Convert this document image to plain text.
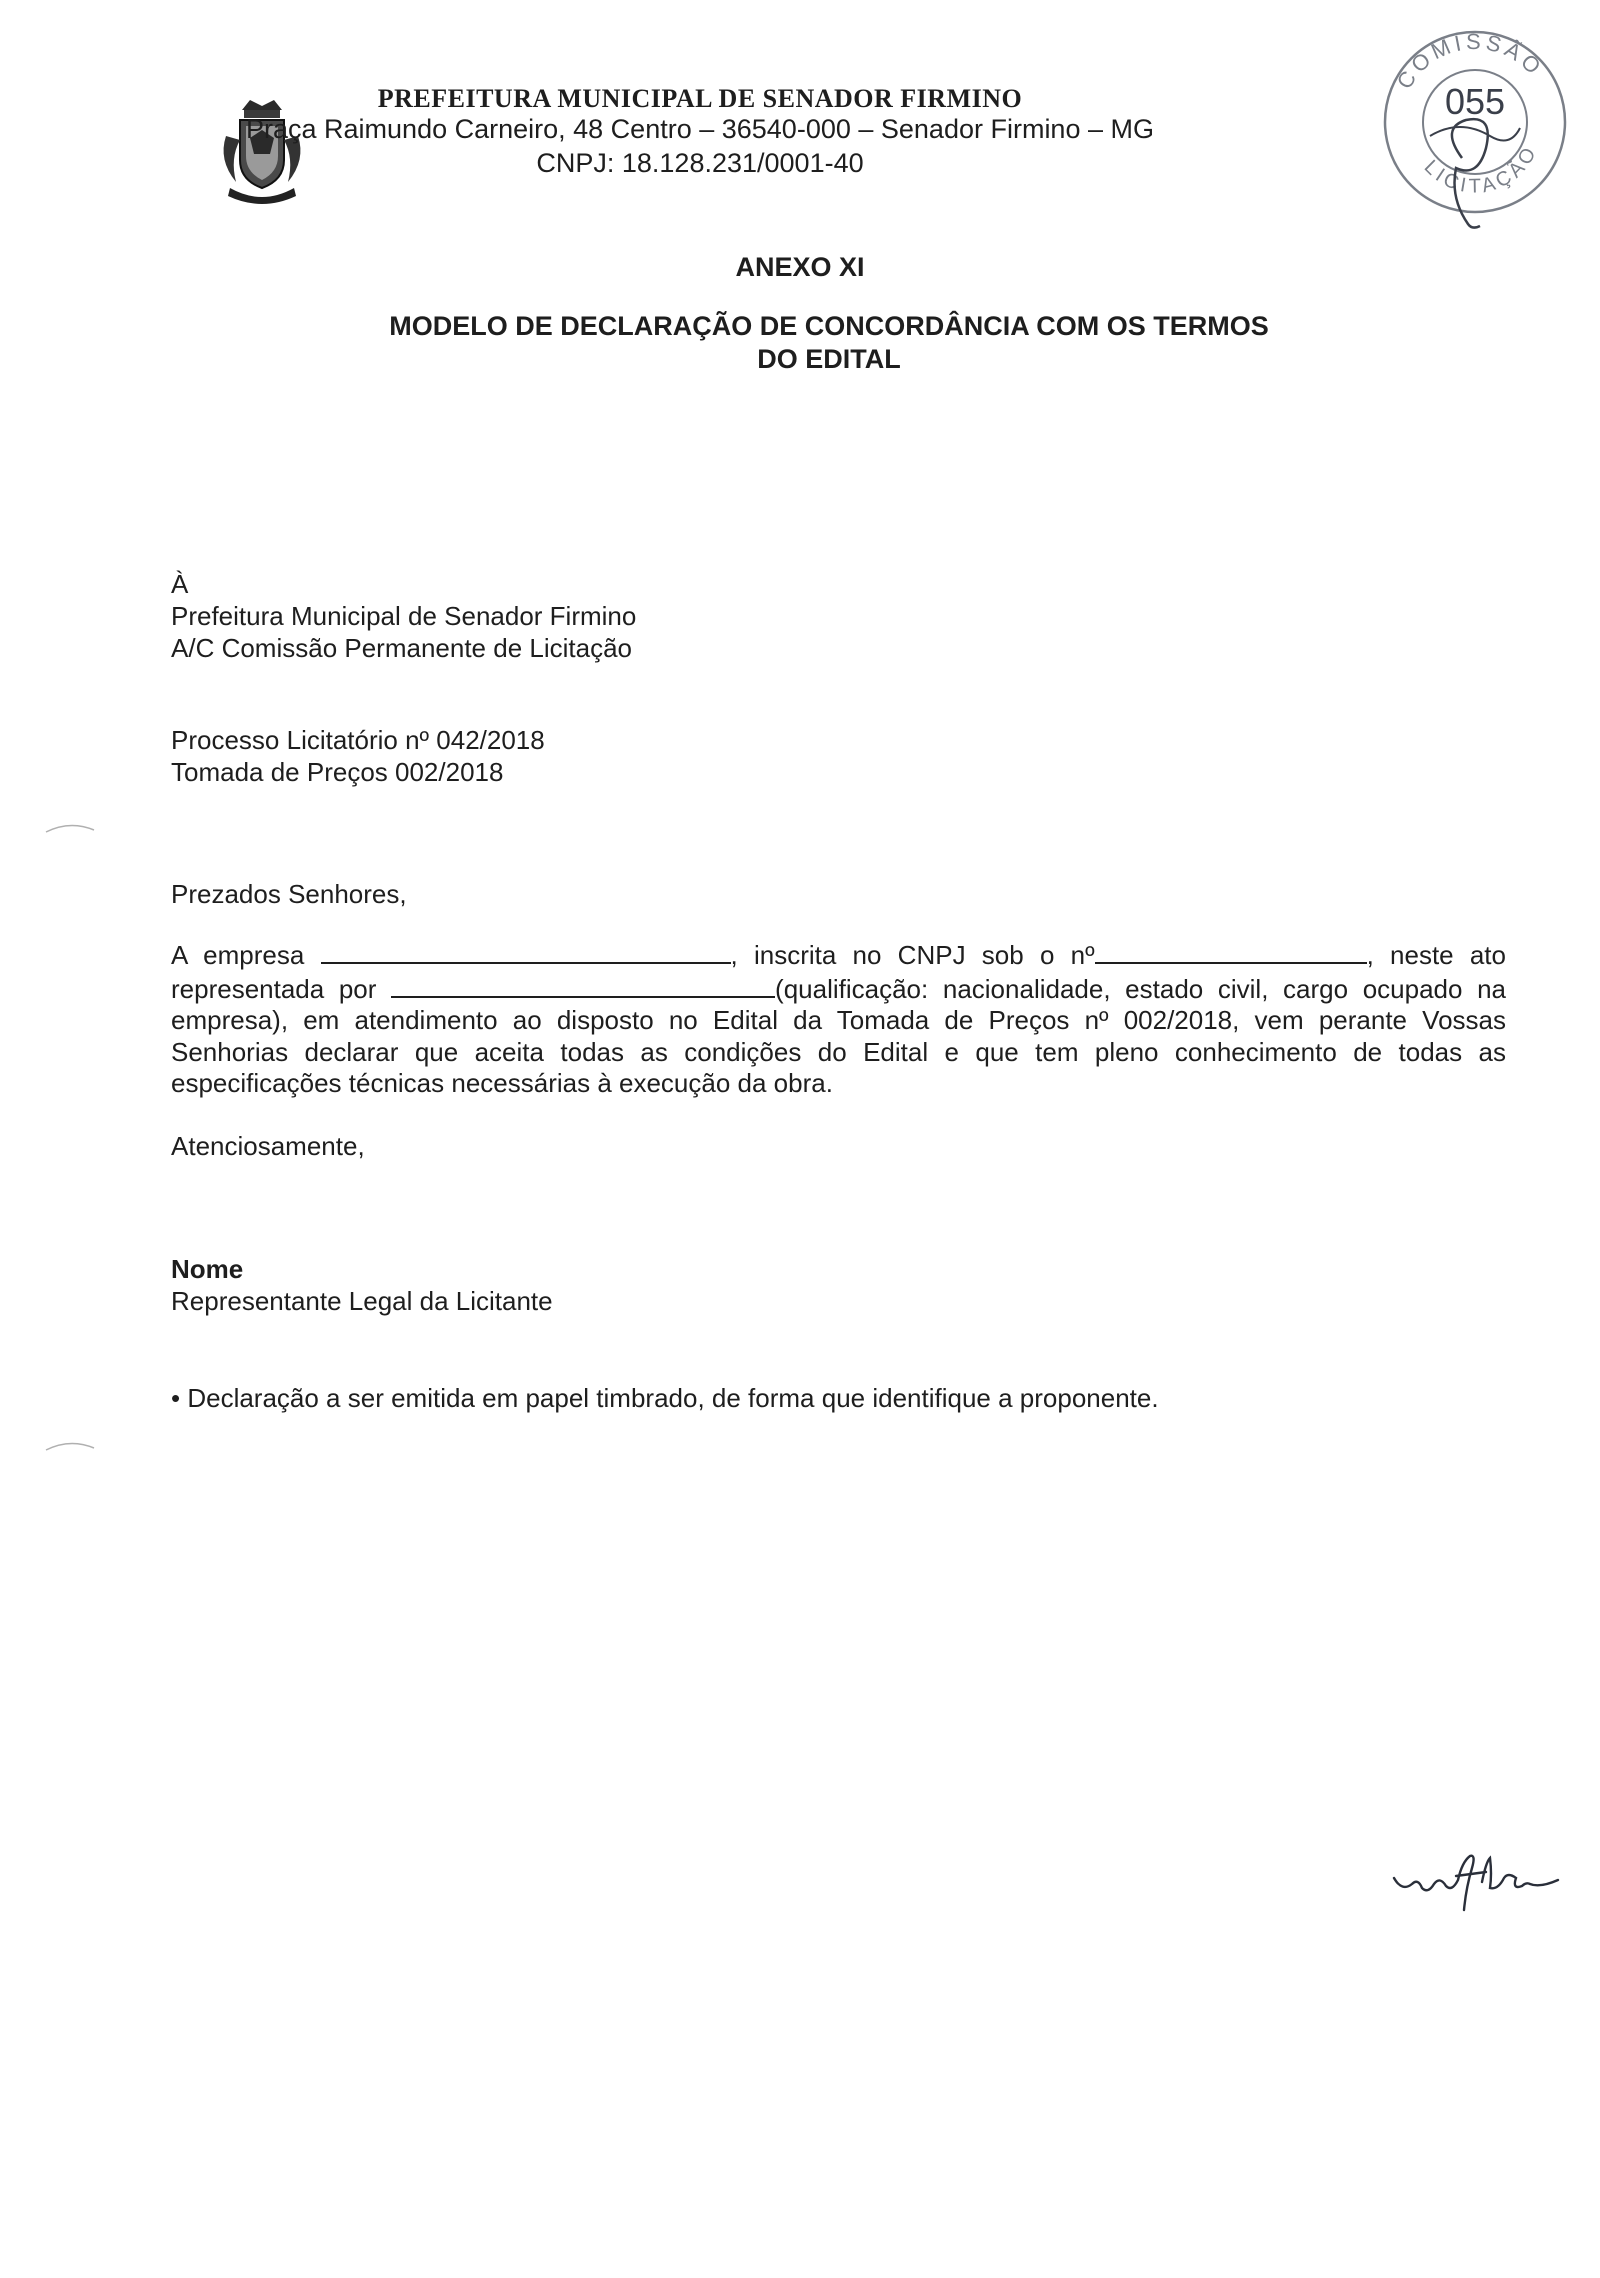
PREFEITURA MUNICIPAL DE SENADOR FIRMINO
Praça Raimundo Carneiro, 48 Centro – 36540-000 – Senador Firmino – MG
CNPJ: 18.128.231/0001-40
COMISSÃO
LICITAÇÃO
055
ANEXO XI
MODELO DE DECLARAÇÃO DE CONCORDÂNCIA COM OS TERMOS
DO EDITAL
À
Prefeitura Municipal de Senador Firmino
A/C Comissão Permanente de Licitação
Processo Licitatório nº 042/2018
Tomada de Preços 002/2018
Prezados Senhores,
A empresa	, inscrita no CNPJ sob o nº	, neste ato representada por	(qualificação: nacionalidade, estado civil, cargo ocupado na empresa), em atendimento ao disposto no Edital da Tomada de Preços nº 002/2018, vem perante Vossas Senhorias declarar que aceita todas as condições do Edital e que tem pleno conhecimento de todas as especificações técnicas necessárias à execução da obra.
Atenciosamente,
Nome
Representante Legal da Licitante
• Declaração a ser emitida em papel timbrado, de forma que identifique a proponente.
